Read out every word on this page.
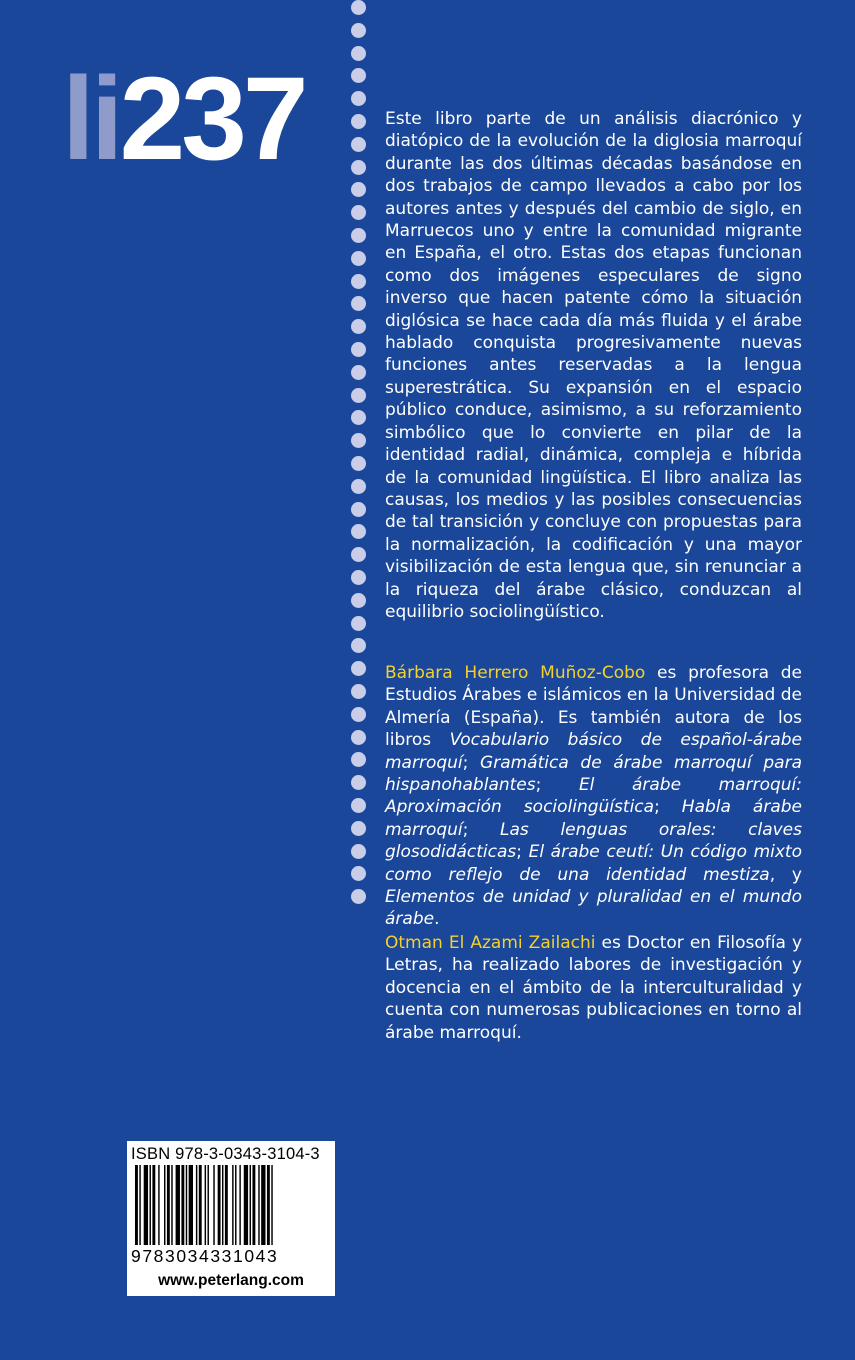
li237	Este libro parte de un análisis diacrónico y diatópico de la evolución de la diglosia marroquí durante las dos últimas décadas basándose en dos trabajos de campo llevados a cabo por los autores antes y después del cambio de siglo, en Marruecos uno y entre la comunidad migrante en España, el otro. Estas dos etapas funcionan como dos imágenes especulares de signo inverso que hacen patente cómo la situación diglósica se hace cada día más fluida y el árabe hablado conquista progresivamente nuevas funciones antes reservadas a la lengua superestrática. Su expansión en el espacio público conduce, asimismo, a su reforzamiento simbólico que lo convierte en pilar de la identidad radial, dinámica, compleja e híbrida de la comunidad lingüística. El libro analiza las causas, los medios y las posibles consecuencias de tal transición y concluye con propuestas para la normalización, la codificación y una mayor visibilización de esta lengua que, sin renunciar a la riqueza del árabe clásico, conduzcan al equilibrio sociolingüístico.
Bárbara Herrero Muñoz-Cobo es profesora de Estudios Árabes e islámicos en la Universidad de Almería (España). Es también autora de los libros Vocabulario básico de español-árabe marroquí; Gramática de árabe marroquí para hispanohablantes; El árabe marroquí: Aproximación sociolingüística; Habla árabe marroquí; Las lenguas orales: claves glosodidácticas; El árabe ceutí: Un código mixto como reflejo de una identidad mestiza, y Elementos de unidad y pluralidad en el mundo árabe.
Otman El Azami Zailachi es Doctor en Filosofía y Letras, ha realizado labores de investigación y docencia en el ámbito de la interculturalidad y cuenta con numerosas publicaciones en torno al árabe marroquí.
ISBN 978-3-0343-3104-3
9783034331043
www.peterlang.com
